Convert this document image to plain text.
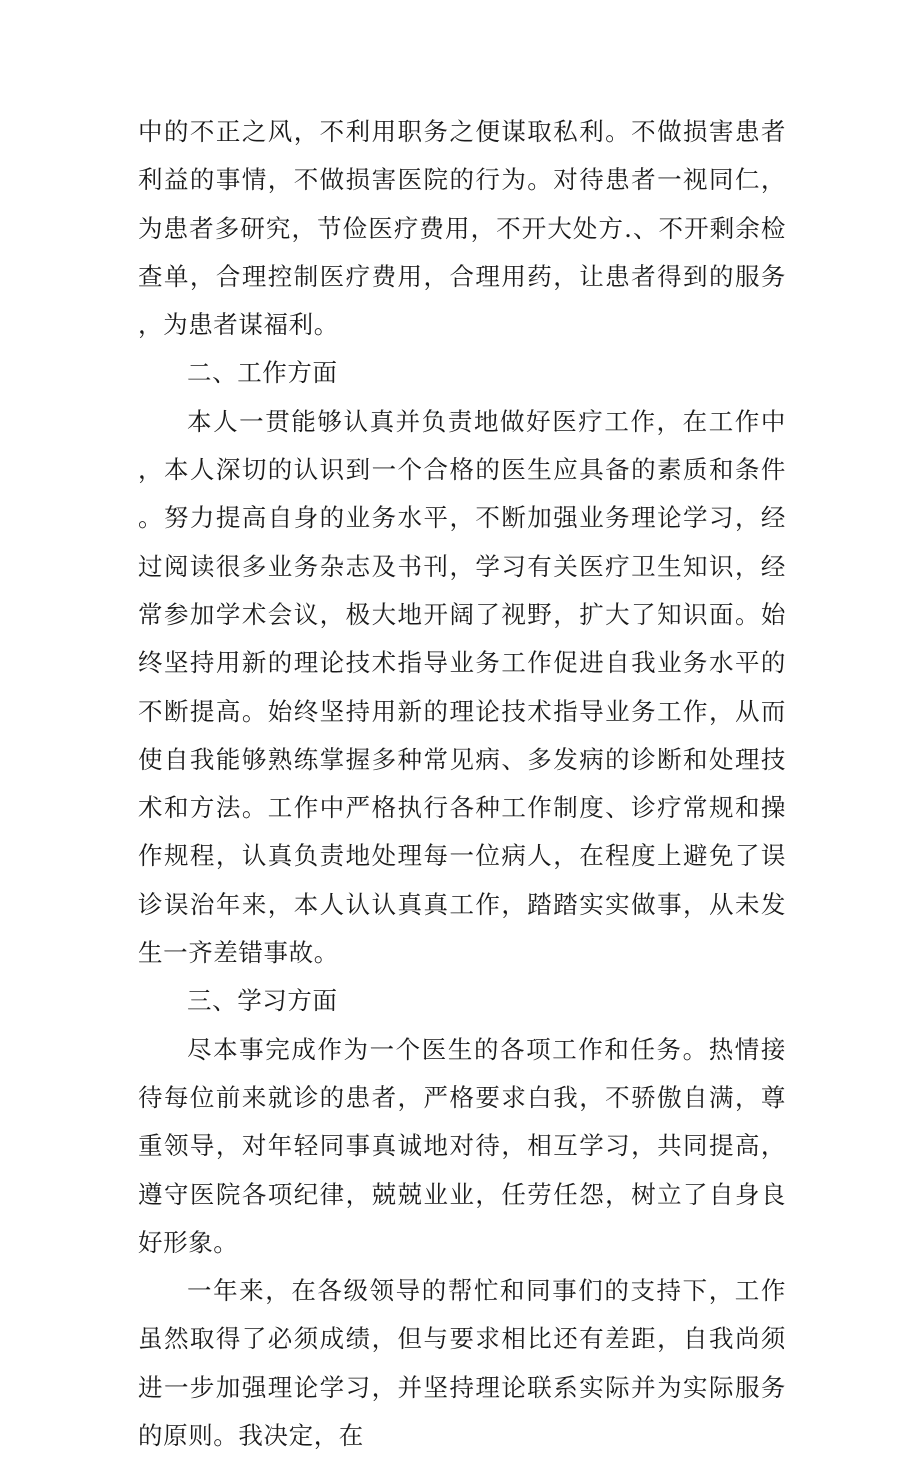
中的不正之风，不利用职务之便谋取私利。不做损害患者利益的事情，不做损害医院的行为。对待患者一视同仁，为患者多研究，节俭医疗费用，不开大处方.、不开剩余检查单，合理控制医疗费用，合理用药，让患者得到的服务，为患者谋福利。

二、工作方面

本人一贯能够认真并负责地做好医疗工作，在工作中，本人深切的认识到一个合格的医生应具备的素质和条件。努力提高自身的业务水平，不断加强业务理论学习，经过阅读很多业务杂志及书刊，学习有关医疗卫生知识，经常参加学术会议，极大地开阔了视野，扩大了知识面。始终坚持用新的理论技术指导业务工作促进自我业务水平的不断提高。始终坚持用新的理论技术指导业务工作，从而使自我能够熟练掌握多种常见病、多发病的诊断和处理技术和方法。工作中严格执行各种工作制度、诊疗常规和操作规程，认真负责地处理每一位病人，在程度上避免了误诊误治年来，本人认认真真工作，踏踏实实做事，从未发生一齐差错事故。

三、学习方面

尽本事完成作为一个医生的各项工作和任务。热情接待每位前来就诊的患者，严格要求白我，不骄傲自满，尊重领导，对年轻同事真诚地对待，相互学习，共同提高，遵守医院各项纪律，兢兢业业，任劳任怨，树立了自身良好形象。

一年来，在各级领导的帮忙和同事们的支持下，工作虽然取得了必须成绩，但与要求相比还有差距，自我尚须进一步加强理论学习，并坚持理论联系实际并为实际服务的原则。我决定，在
